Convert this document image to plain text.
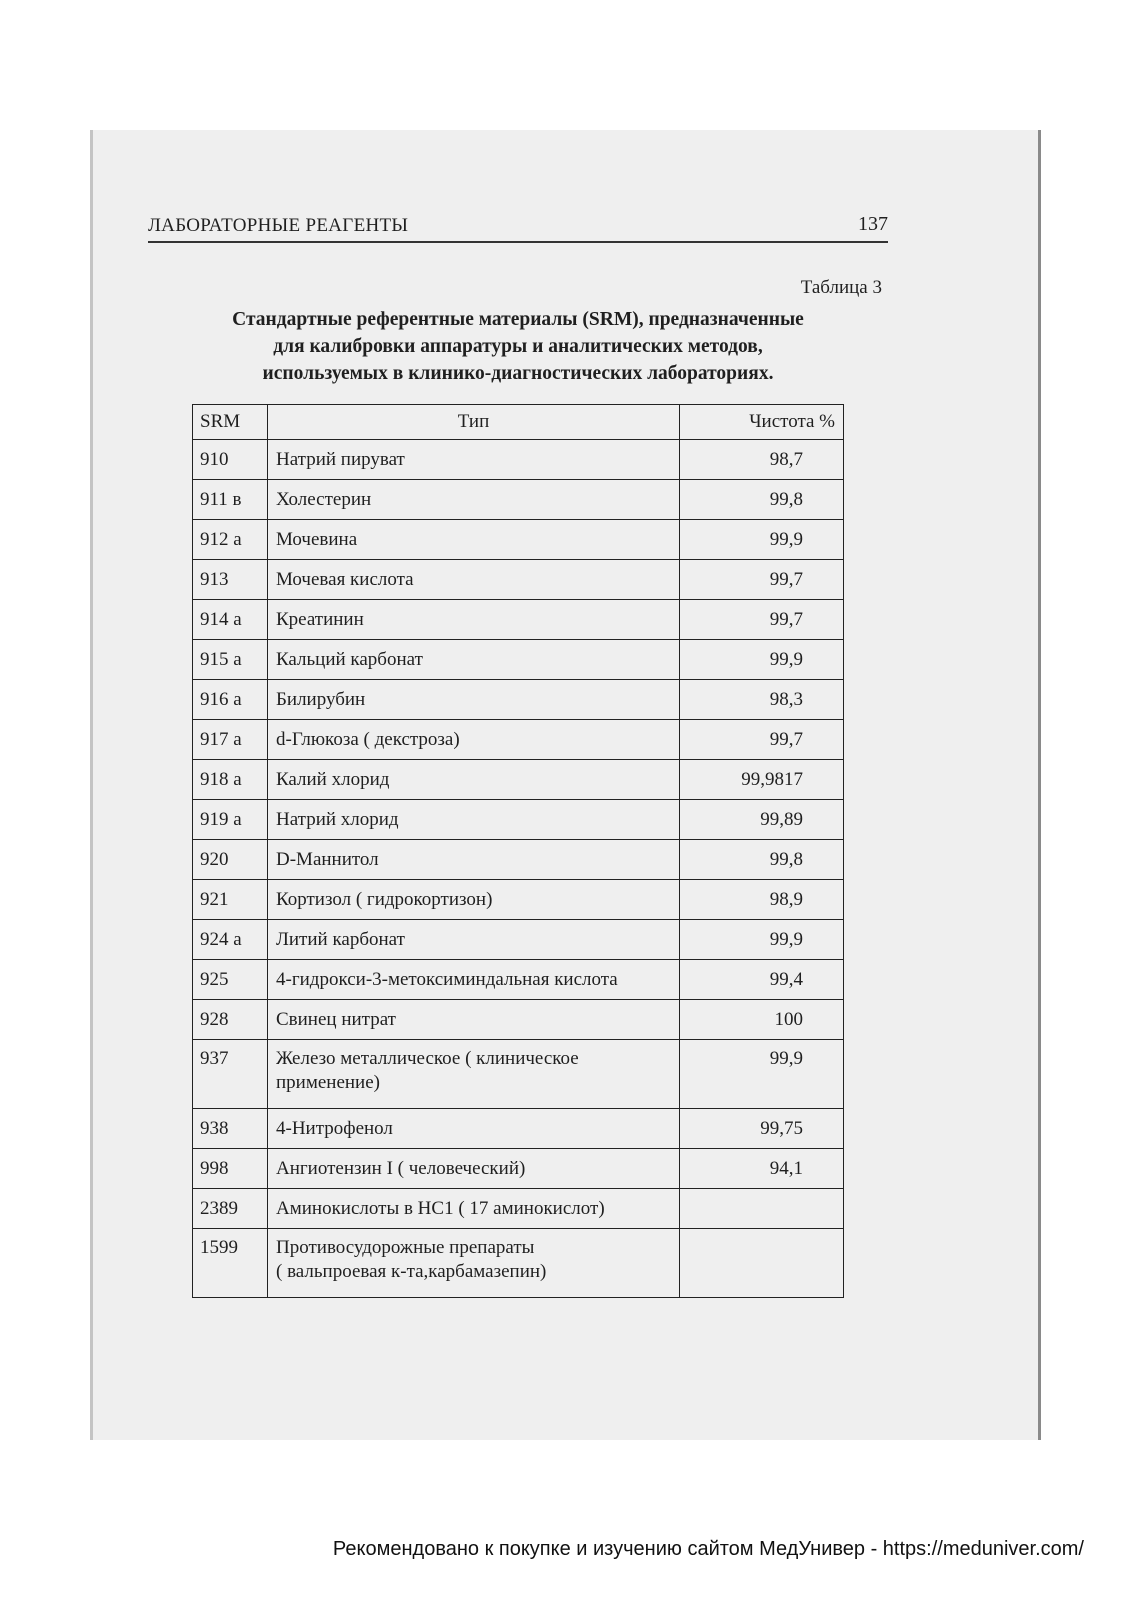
ЛАБОРАТОРНЫЕ РЕАГЕНТЫ	137
Таблица 3
Стандартные референтные материалы (SRM), предназначенные
для калибровки аппаратуры и аналитических методов,
используемых в клинико-диагностических лабораториях.
SRM	Тип	Чистота %
910	Натрий пируват	98,7
911 в	Холестерин	99,8
912 а	Мочевина	99,9
913	Мочевая кислота	99,7
914 а	Креатинин	99,7
915 а	Кальций карбонат	99,9
916 а	Билирубин	98,3
917 а	d-Глюкоза ( декстроза)	99,7
918 а	Калий хлорид	99,9817
919 а	Натрий хлорид	99,89
920	D-Маннитол	99,8
921	Кортизол ( гидрокортизон)	98,9
924 а	Литий карбонат	99,9
925	4-гидрокси-3-метоксиминдальная кислота	99,4
928	Свинец нитрат	100
937	Железо металлическое ( клиническое
применение)	99,9
938	4-Нитрофенол	99,75
998	Ангиотензин I ( человеческий)	94,1
2389	Аминокислоты в НС1 ( 17 аминокислот)	

1599	Противосудорожные препараты
( вальпроевая к-та,карбамазепин)	

Рекомендовано к покупке и изучению сайтом МедУнивер - https://meduniver.com/
